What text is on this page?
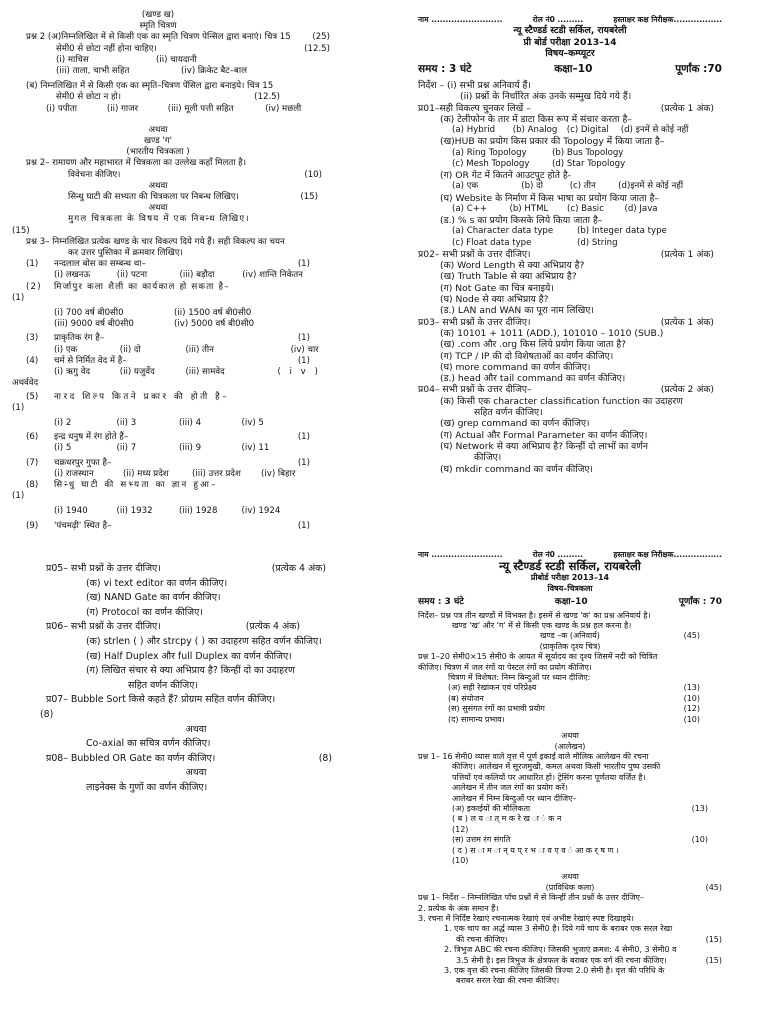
(खण्ड ख)
स्मृति चित्रण
(25)
प्रश्न 2 (अ)निम्नलिखित में से किसी एक का स्मृति चित्रण पेन्सिल द्वारा बनाएं। चित्र 15
सेमी0 से छोटा नहीं होना चाहिए।	(12.5)
(i) माचिस	(ii) चायदानी
(iii) ताला, चाभी सहित	(iv) क्रिकेट बैट–बाल
(ब) निम्नलिखित में से किसी एक का स्मृति–चित्रण पेंसिल द्वारा बनाइये। चित्र 15
सेमी0 से छोटा न हो।	(12.5)
(i) पपीता	(ii) गाजर	(iii) मूली पत्ती सहित	(iv) मछली
अथवा
खण्ड 'ग'
(भारतीय चित्रकला )
प्रश्न 2– रामायण और महाभारत में चित्रकला का उल्लेख कहाँ मिलता है।
विवेचना कीजिए।	(10)
अथवा
सिन्धु घाटी की सभ्यता की चित्रकला पर निबन्ध लिखिए।	(15)
अथवा
मुगल चित्रकला के विषय में एक निबन्ध लिखिए।
(15)
प्रश्न 3– निम्नलिखित प्रत्येक खण्ड के चार विकल्प दिये गये हैं। सही विकल्प का चयन
कर उत्तर पुस्तिका में क्रमवार लिखिए।
(1) नन्दलाल बोस का सम्बन्ध था–	(1)
(i) लखनऊ	(ii) पटना	(iii) बड़ौदा	(iv) शान्ति निकेतन
(2) मिर्जापुर कला शैली का कार्यकाल हो सकता है–
(1)
(i) 700 वर्ष बी0सी0	(ii) 1500 वर्ष बी0सी0
(iii) 9000 वर्ष बी0सी0	(iv) 5000 वर्ष बी0सी0
(3) प्राकृतिक रंग है–	(1)
(i) एक	(ii) दो	(iii) तीन	(iv) चार
(4) चर्म से निर्मित वेद में है–	(1)
(i) ऋगु वेद	(ii) यजुर्वेद	(iii) सामवेद	( i v )
अथर्ववेद
(5) नारद शिल्प कितने प्रकार की होती है–
(1)
(i) 2	(ii) 3	(iii) 4	(iv) 5
(6) इन्द्र धनुष में रंग होते हैं–	(1)
(i) 5	(ii) 7	(iii) 9	(iv) 11
(7) चक्रधरपुर गुफा है–	(1)
(i) राजस्थान	(ii) मध्य प्रदेश	(iii) उत्तर प्रदेश	(iv) बिहार
(8) सिन्धु घाटी की सभ्यता का ज्ञान हुआ–
(1)
(i) 1940	(ii) 1932	(iii) 1928	(iv) 1924
(9) 'पंचमढ़ी' स्थित है–	(1)
नाम .........................	रोल नं0 .........	हस्ताक्षर कक्ष निरीक्षक.................
न्यू स्टैण्डर्ड स्टडी सर्किल, रायबरेली
प्री बोर्ड परीक्षा 2013–14
विषय–कम्प्यूटर
समय : 3 घंटे	कक्षा–10	पूर्णांक :70
निर्देश – (i) सभी प्रश्न अनिवार्य हैं।
(ii) प्रश्नों के निर्धारित अंक उनके सम्मुख दिये गये हैं।
प्र01–सही विकल्प चुनकर लिखें –	(प्रत्येक 1 अंक)
(क) टेलीफोन के तार में डाटा किस रूप में संचार करता है–
(a) Hybrid	(b) Analog	(c) Digital	(d) इनमें से कोई नहीं
(ख)HUB का प्रयोग किस प्रकार की Topology में किया जाता है–
(a) Ring Topology	(b) Bus Topology
(c) Mesh Topology	(d) Star Topology
(ग) OR गेट में कितने आउटपुट होते है-
(a) एक	(b) दो	(c) तीन	(d)इनमें से कोई नहीं
(घ) Website के निर्माण में किस भाषा का प्रयोग किया जाता है–
(a) C++	(b) HTML	(c) Basic	(d) Java
(ड.) % s का प्रयोग किसके लिये किया जाता है–
(a) Character data type	(b) Integer data type
(c) Float data type	(d) String
प्र02– सभी प्रश्नों के उत्तर दीजिए।	(प्रत्येक 1 अंक)
(क) Word Length से क्या अभिप्राय है?
(ख) Truth Table से क्या अभिप्राय है?
(ग) Not Gate का चित्र बनाइये।
(घ) Node से क्या अभिप्राय है?
(ड.) LAN and WAN का पूरा नाम लिखिए।
प्र03– सभी प्रश्नों के उत्तर दीजिए।	(प्रत्येक 1 अंक)
(क) 10101 + 1011 (ADD.), 101010 – 1010 (SUB.)
(ख) .com और .org किस लिये प्रयोग किया जाता है?
(ग) TCP / IP की दो विशेषताओं का वर्णन कीजिए।
(घ) more command का वर्णन कीजिए।
(ड.) head और tail command का वर्णन कीजिए।
प्र04– सभी प्रश्नों के उत्तर दीजिए–	(प्रत्येक 2 अंक)
(क) किसी एक character classification function का उदाहरण
सहित वर्णन कीजिए।
(ख) grep command का वर्णन कीजिए।
(ग) Actual और Formal Parameter का वर्णन कीजिए।
(घ) Network से क्या अभिप्राय है? किन्हीं दो लाभों का वर्णन
कीजिए।
(घ) mkdir command का वर्णन कीजिए।
प्र05– सभी प्रश्नों के उत्तर दीजिए।	(प्रत्येक 4 अंक)
(क) vi text editor का वर्णन कीजिए।
(ख) NAND Gate का वर्णन कीजिए।
(ग) Protocol का वर्णन कीजिए।
प्र06– सभी प्रश्नों के उत्तर दीजिए।	(प्रत्येक 4 अंक)
(क) strlen ( ) और strcpy ( ) का उदाहरण सहित वर्णन कीजिए।
(ख) Half Duplex और full Duplex का वर्णन कीजिए।
(ग) लिखित संचार से क्या अभिप्राय है? किन्हीं दो का उदाहरण
सहित वर्णन कीजिए।
प्र07– Bubble Sort किसे कहते हैं? प्रोग्राम सहित वर्णन कीजिए।
(8)
अथवा
Co-axial का सचित्र वर्णन कीजिए।
प्र08– Bubbled OR Gate का वर्णन कीजिए।	(8)
अथवा
लाइनेक्स के गुणों का वर्णन कीजिए।
नाम .........................	रोल नं0 .........	हस्ताक्षर कक्ष निरीक्षक.................
न्यू स्टैण्डर्ड स्टडी सर्किल, रायबरेली
प्रीबोर्ड परीक्षा 2013–14
विषय–चित्रकला
समय : 3 घंटे	कक्षा–10	पूर्णांक : 70
निर्देश– प्रश्न पत्र तीन खण्डों में विभक्त है। इसमें से खण्ड 'क' का प्रश्न अनिवार्य है।
खण्ड 'ख' और 'ग' में से किसी एक खण्ड के प्रश्न हल करना है।
खण्ड –क (अनिवार्य)	(45)
(प्राकृतिक दृश्य चित्र)
प्रश्न 1–20 सेमी0×15 सेमी0 के आयत में सूर्यादय का दृश्य जिसमें नदी को चित्रित
कीजिए। चित्रण में जल रंगों या पेस्टल रंगों का प्रयोग कीजिए।
चित्रण में विशेषत: निम्न बिन्दुओं पर ध्यान दीजिए:
(अ) सही रेखांकन एवं परिप्रेक्ष्य	(13)
(ब) संयोजन	(10)
(स) सुसंगत रंगों का प्रभावी प्रयोग	(12)
(द) सामान्य प्रभाव।	(10)
अथवा
(आलेखन)
प्रश्न 1– 16 सेमी0 व्यास वाले वृत्त में पूर्ण इकाई वाले मौलिक आलेखन की रचना
कीजिए। आलेखन में सूरजमुखी, कमल अथवा किसी भारतीय पुष्प उसकी
पत्तियों एवं कलियों पर आधारित हो। ट्रेसिंग करना पूर्णतया वर्जित है।
आलेखन में तीन जल रंगों का प्रयोग करें।
आलेखन में निम्न बिन्दुओं पर ध्यान दीजिए–
(अ) इकाईयों की मौलिकता	(13)
( ब ) ल य ा त् म क रे ख ा ं क न
(12)
(स) उत्तम रंग संगति	(10)
( द ) स ा म ा न् य प् र भ ा व ए व ं आ क र् ष ण ।
(10)
अथवा
(प्राविधिक कला)	(45)
प्रश्न 1– निर्देश – निम्नलिखित पाँच प्रश्नों में से किन्हीं तीन प्रश्नों के उत्तर दीजिए–
2. प्रत्येक के अंक समान हैं।
3. रचना में निर्दिष्ट रेखाएं रचनात्मक रेखाएं एवं अभीष्ट रेखाएं स्पष्ट दिखाइये।
1. एक चाप का अर्द्ध व्यास 3 सेमी0 है। दिये गये चाप के बराबर एक सरल रेखा
की रचना कीजिए।	(15)
2. त्रिभुज ABC की रचना कीजिए। जिसकी भुजाएं क्रमश: 4 सेमी0, 3 सेमी0 व
3.5 सेमी है। इस त्रिभुज के क्षेत्रफल के बराबर एक वर्ग की रचना कीजिए।	(15)
3. एक वृत्त की रचना कीजिए जिसकी त्रिज्या 2.0 सेमी है। वृत्त की परिधि के
बराबर सरल रेखा की रचना कीजिए।
